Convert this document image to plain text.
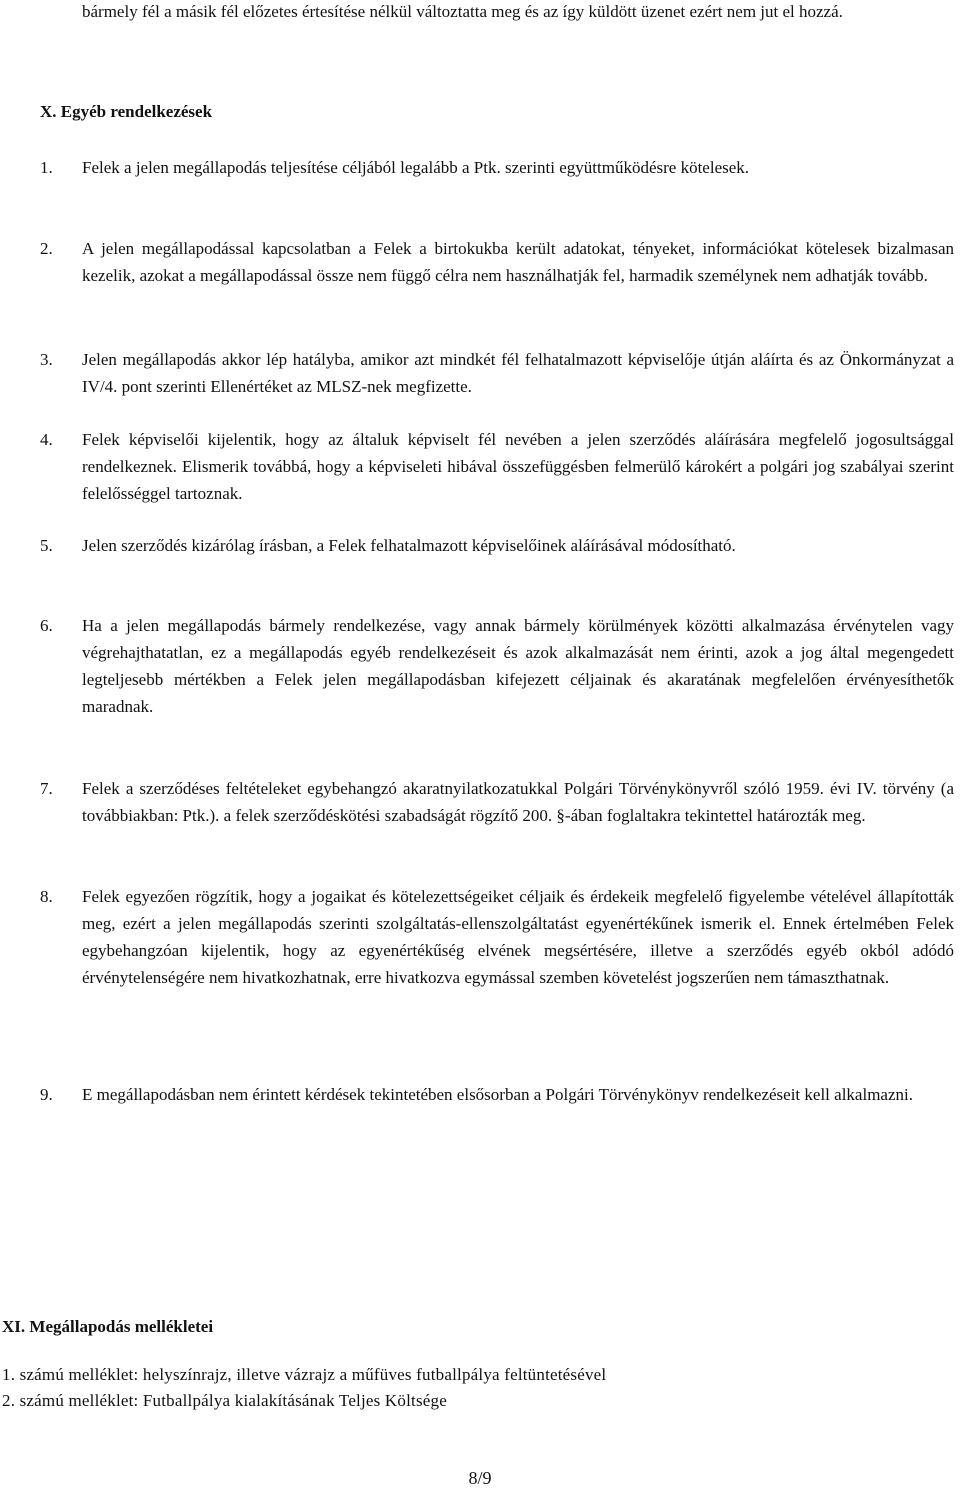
bármely fél a másik fél előzetes értesítése nélkül változtatta meg és az így küldött üzenet ezért nem jut el hozzá.

X. Egyéb rendelkezések
1.	Felek a jelen megállapodás teljesítése céljából legalább a Ptk. szerinti együttműködésre kötelesek.
2.	A jelen megállapodással kapcsolatban a Felek a birtokukba került adatokat, tényeket, információkat kötelesek bizalmasan kezelik, azokat a megállapodással össze nem függő célra nem használhatják fel, harmadik személynek nem adhatják tovább.
3.	Jelen megállapodás akkor lép hatályba, amikor azt mindkét fél felhatalmazott képviselője útján aláírta és az Önkormányzat a IV/4. pont szerinti Ellenértéket az MLSZ-nek megfizette.
4.	Felek képviselői kijelentik, hogy az általuk képviselt fél nevében a jelen szerződés aláírására megfelelő jogosultsággal rendelkeznek. Elismerik továbbá, hogy a képviseleti hibával összefüggésben felmerülő károkért a polgári jog szabályai szerint felelősséggel tartoznak.
5.	Jelen szerződés kizárólag írásban, a Felek felhatalmazott képviselőinek aláírásával módosítható.
6.	Ha a jelen megállapodás bármely rendelkezése, vagy annak bármely körülmények közötti alkalmazása érvénytelen vagy végrehajthatatlan, ez a megállapodás egyéb rendelkezéseit és azok alkalmazását nem érinti, azok a jog által megengedett legteljesebb mértékben a Felek jelen megállapodásban kifejezett céljainak és akaratának megfelelően érvényesíthetők maradnak.
7.	Felek a szerződéses feltételeket egybehangzó akaratnyilatkozatukkal Polgári Törvénykönyvről szóló 1959. évi IV. törvény (a továbbiakban: Ptk.). a felek szerződéskötési szabadságát rögzítő 200. §-ában foglaltakra tekintettel határozták meg.
8.	Felek egyezően rögzítik, hogy a jogaikat és kötelezettségeiket céljaik és érdekeik megfelelő figyelembe vételével állapították meg, ezért a jelen megállapodás szerinti szolgáltatás-ellenszolgáltatást egyenértékűnek ismerik el. Ennek értelmében Felek egybehangzóan kijelentik, hogy az egyenértékűség elvének megsértésére, illetve a szerződés egyéb okból adódó érvénytelenségére nem hivatkozhatnak, erre hivatkozva egymással szemben követelést jogszerűen nem támaszthatnak.
9.	E megállapodásban nem érintett kérdések tekintetében elsősorban a Polgári Törvénykönyv rendelkezéseit kell alkalmazni.
XI. Megállapodás mellékletei

1. számú melléklet: helyszínrajz, illetve vázrajz a műfüves futballpálya feltüntetésével

2. számú melléklet: Futballpálya kialakításának Teljes Költsége

8/9
